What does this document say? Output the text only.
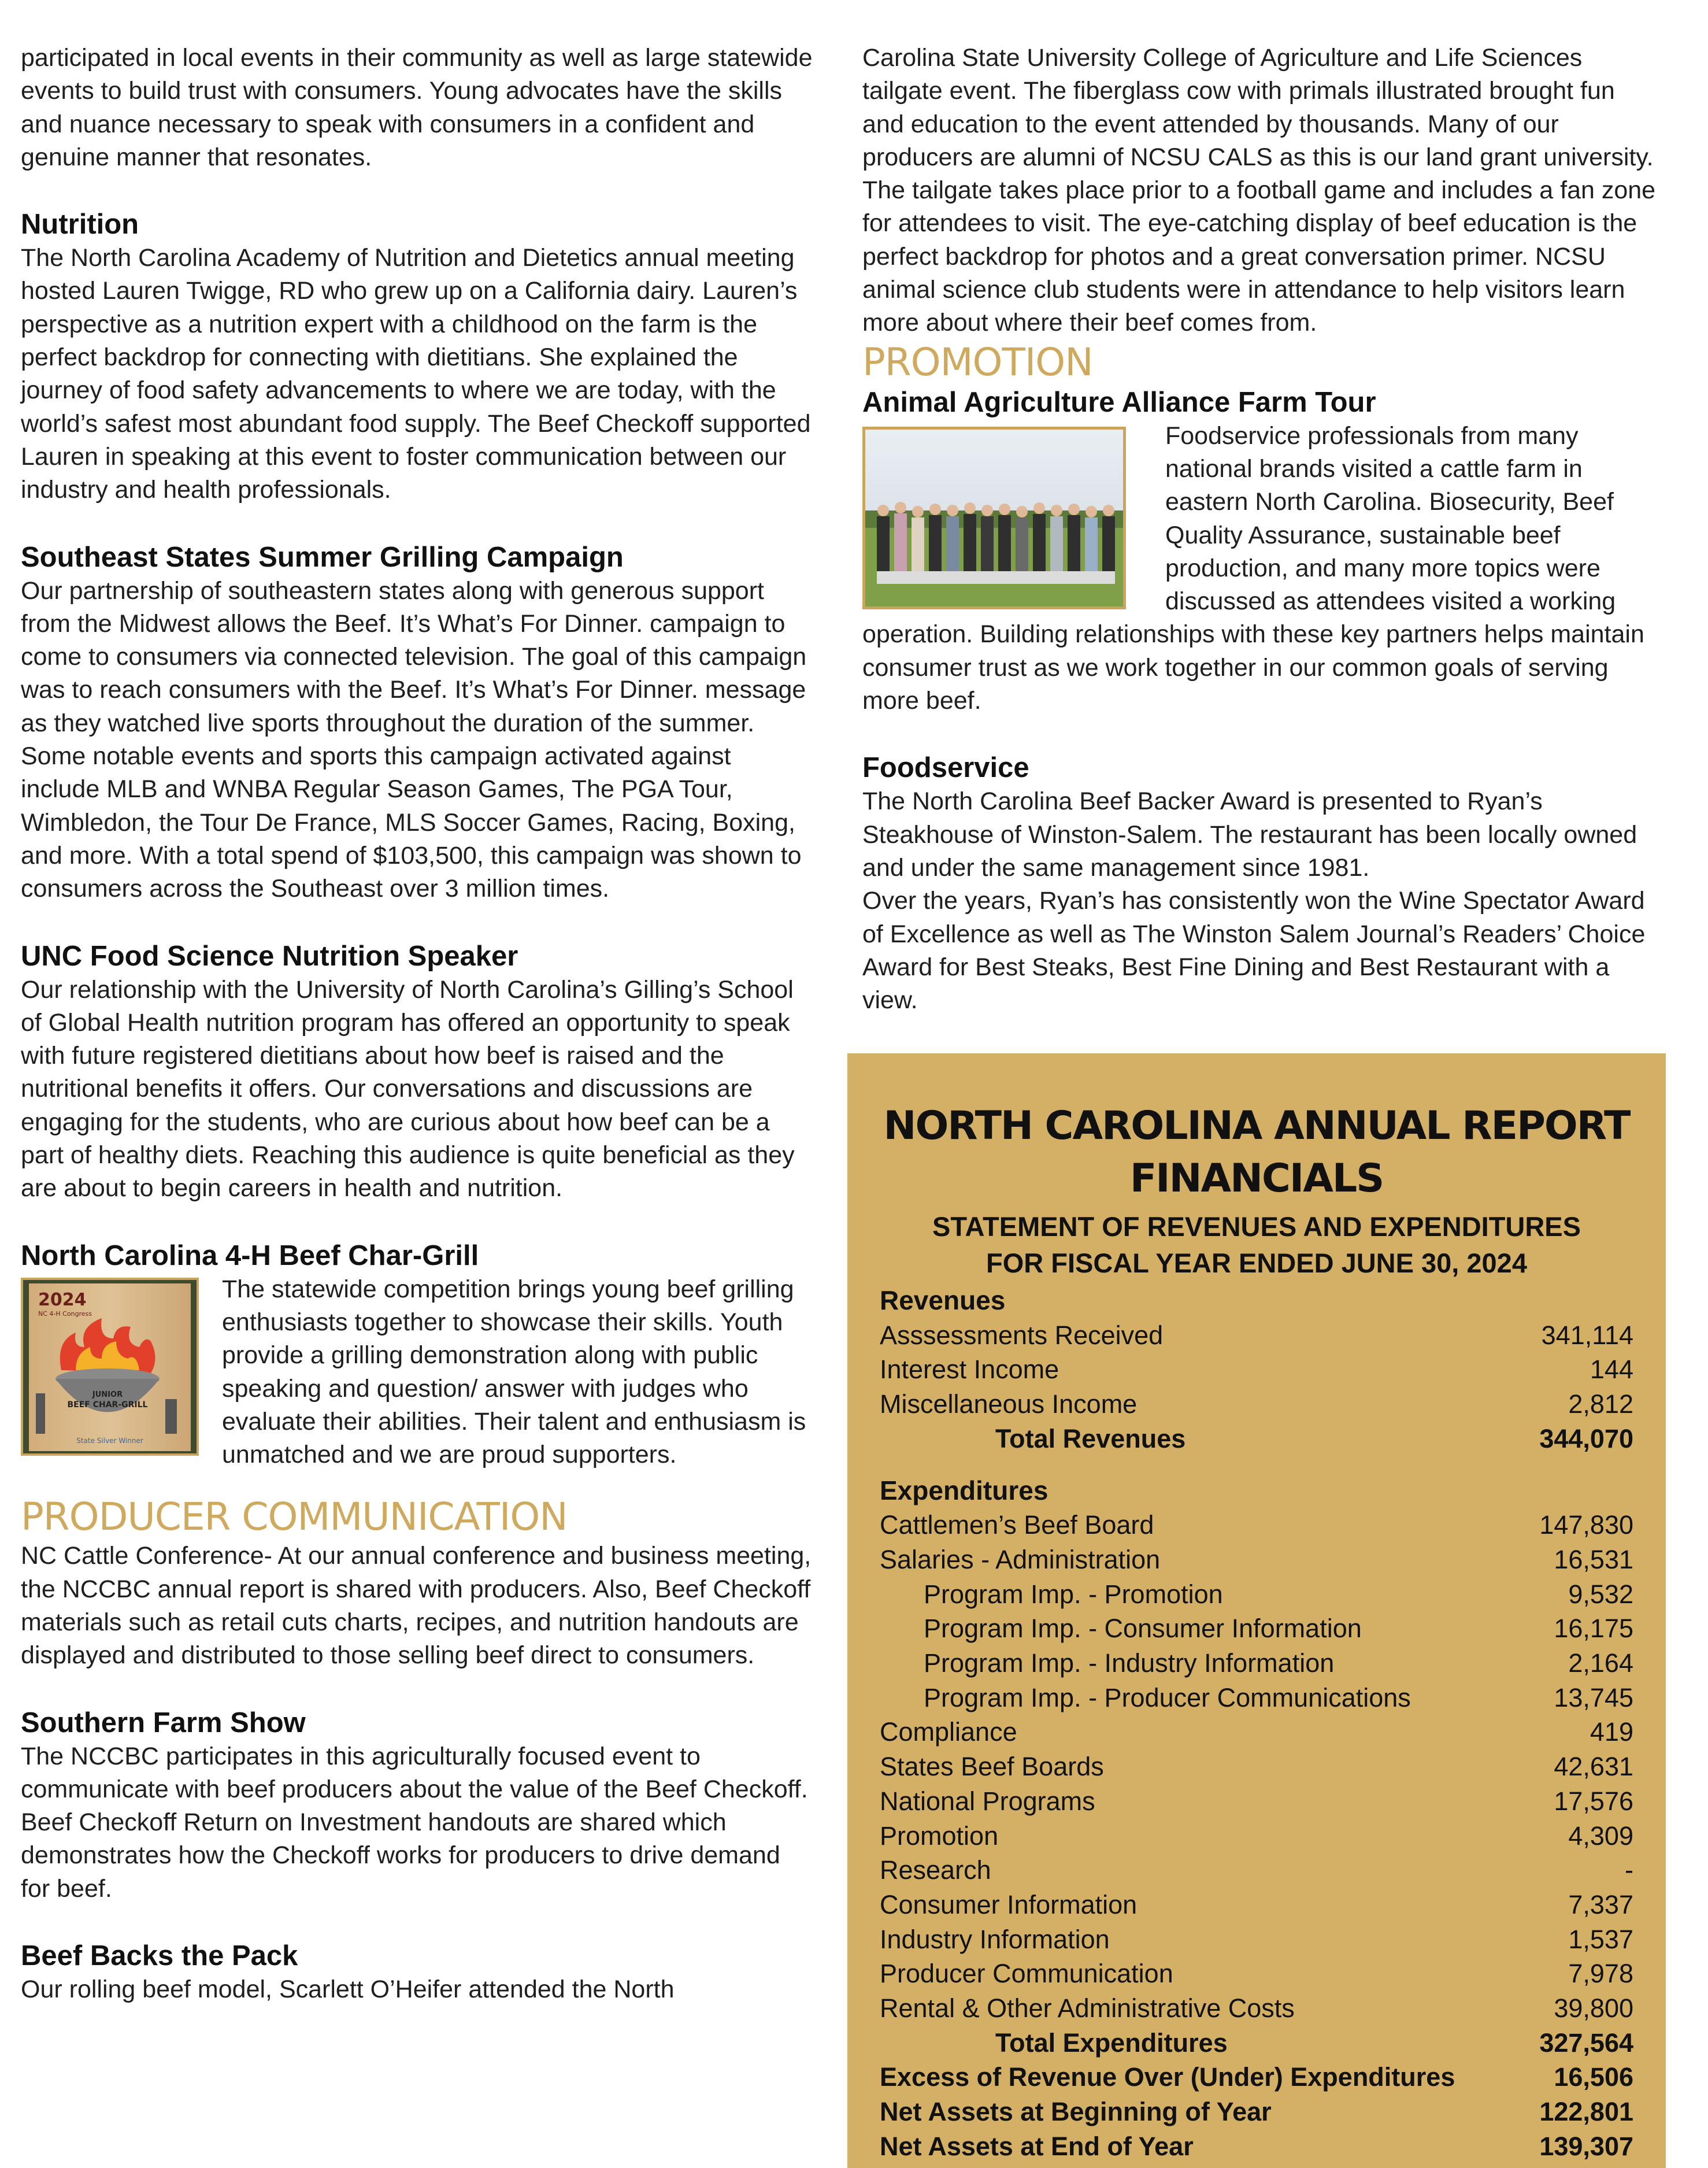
participated in local events in their community as well as large statewide events to build trust with consumers. Young advocates have the skills and nuance necessary to speak with consumers in a confident and genuine manner that resonates.

Nutrition

The North Carolina Academy of Nutrition and Dietetics annual meeting hosted Lauren Twigge, RD who grew up on a California dairy. Lauren’s perspective as a nutrition expert with a childhood on the farm is the perfect backdrop for connecting with dietitians. She explained the journey of food safety advancements to where we are today, with the world’s safest most abundant food supply. The Beef Checkoff supported Lauren in speaking at this event to foster communication between our industry and health professionals.

Southeast States Summer Grilling Campaign

Our partnership of southeastern states along with generous support from the Midwest allows the Beef. It’s What’s For Dinner. campaign to come to consumers via connected television. The goal of this campaign was to reach consumers with the Beef. It’s What’s For Dinner. message as they watched live sports throughout the duration of the summer. Some notable events and sports this campaign activated against include MLB and WNBA Regular Season Games, The PGA Tour, Wimbledon, the Tour De France, MLS Soccer Games, Racing, Boxing, and more. With a total spend of $103,500, this campaign was shown to consumers across the Southeast over 3 million times.

UNC Food Science Nutrition Speaker

Our relationship with the University of North Carolina’s Gilling’s School of Global Health nutrition program has offered an opportunity to speak with future registered dietitians about how beef is raised and the nutritional benefits it offers. Our conversations and discussions are engaging for the students, who are curious about how beef can be a part of healthy diets. Reaching this audience is quite beneficial as they are about to begin careers in health and nutrition.

North Carolina 4-H Beef Char-Grill
2024
NC 4-H Congress
JUNIOR
BEEF CHAR-GRILL
State Silver Winner

The statewide competition brings young beef grilling enthusiasts together to showcase their skills. Youth provide a grilling demonstration along with public speaking and question/ answer with judges who evaluate their abilities. Their talent and enthusiasm is unmatched and we are proud supporters.

PRODUCER COMMUNICATION

NC Cattle Conference- At our annual conference and business meeting, the NCCBC annual report is shared with producers. Also, Beef Checkoff materials such as retail cuts charts, recipes, and nutrition handouts are displayed and distributed to those selling beef direct to consumers.

Southern Farm Show

The NCCBC participates in this agriculturally focused event to communicate with beef producers about the value of the Beef Checkoff. Beef Checkoff Return on Investment handouts are shared which demonstrates how the Checkoff works for producers to drive demand for beef.

Beef Backs the Pack

Our rolling beef model, Scarlett O’Heifer attended the North

Carolina State University College of Agriculture and Life Sciences tailgate event. The fiberglass cow with primals illustrated brought fun and education to the event attended by thousands. Many of our producers are alumni of NCSU CALS as this is our land grant university. The tailgate takes place prior to a football game and includes a fan zone for attendees to visit. The eye-catching display of beef education is the perfect backdrop for photos and a great conversation primer. NCSU animal science club students were in attendance to help visitors learn more about where their beef comes from.

PROMOTION
Animal Agriculture Alliance Farm Tour

Foodservice professionals from many national brands visited a cattle farm in eastern North Carolina. Biosecurity, Beef Quality Assurance, sustainable beef production, and many more topics were discussed as attendees visited a working operation. Building relationships with these key partners helps maintain consumer trust as we work together in our common goals of serving more beef.

Foodservice

The North Carolina Beef Backer Award is presented to Ryan’s Steakhouse of Winston-Salem. The restaurant has been locally owned and under the same management since 1981.

Over the years, Ryan’s has consistently won the Wine Spectator Award of Excellence as well as The Winston Salem Journal’s Readers’ Choice Award for Best Steaks, Best Fine Dining and Best Restaurant with a view.

NORTH CAROLINA ANNUAL REPORT FINANCIALS
STATEMENT OF REVENUES AND EXPENDITURES
FOR FISCAL YEAR ENDED JUNE 30, 2024
Revenues
Asssessments Received	341,114
Interest Income	144
Miscellaneous Income	2,812
Total Revenues	344,070
Expenditures
Cattlemen’s Beef Board	147,830
Salaries - Administration	16,531
Program Imp. - Promotion	9,532
Program Imp. - Consumer Information	16,175
Program Imp. - Industry Information	2,164
Program Imp. - Producer Communications	13,745
Compliance	419
States Beef Boards	42,631
National Programs	17,576
Promotion	4,309
Research	-
Consumer Information	7,337
Industry Information	1,537
Producer Communication	7,978
Rental & Other Administrative Costs	39,800
Total Expenditures	327,564
Excess of Revenue Over (Under) Expenditures	16,506
Net Assets at Beginning of Year	122,801
Net Assets at End of Year	139,307
